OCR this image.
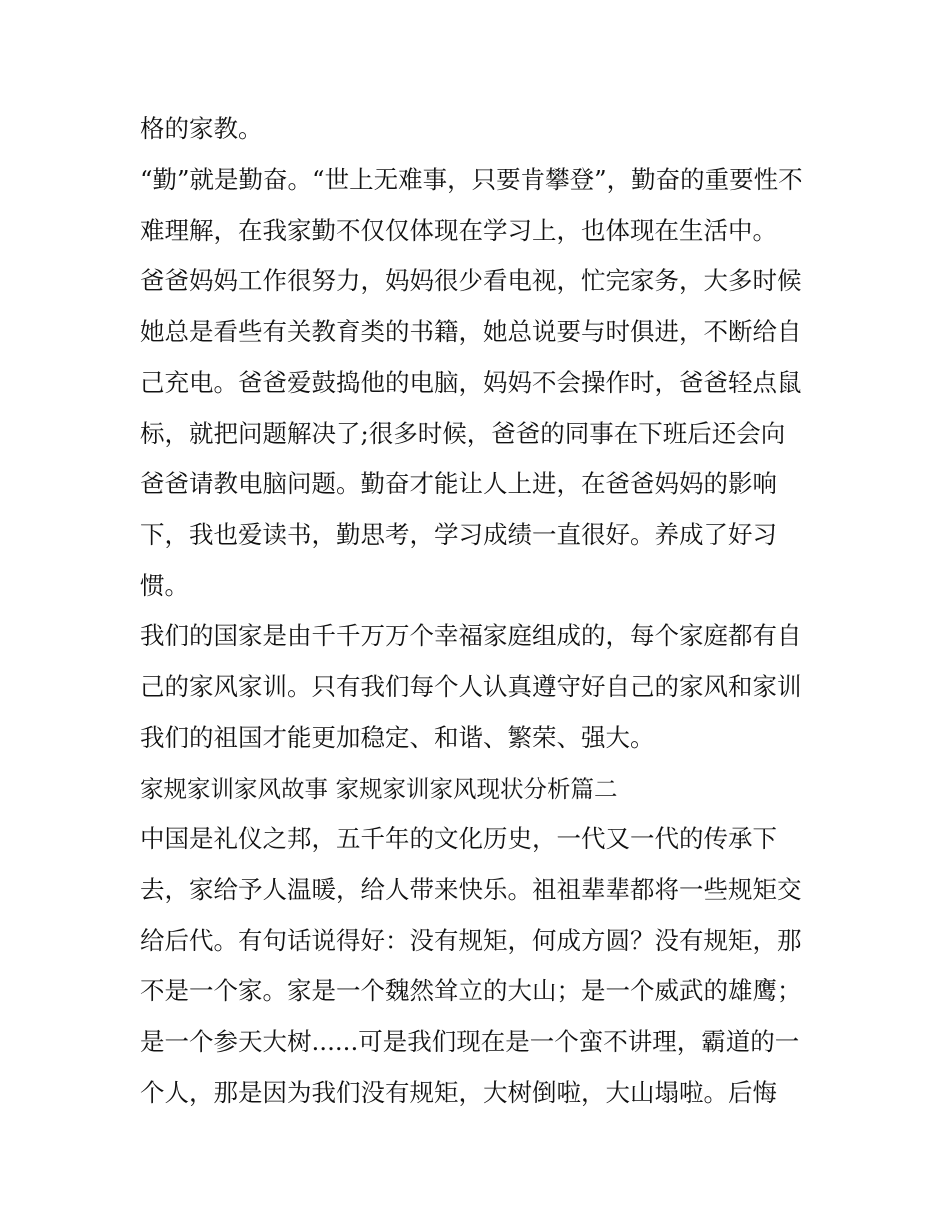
格的家教。

“勤”就是勤奋。“世上无难事，只要肯攀登”，勤奋的重要性不

难理解，在我家勤不仅仅体现在学习上，也体现在生活中。

爸爸妈妈工作很努力，妈妈很少看电视，忙完家务，大多时候

她总是看些有关教育类的书籍，她总说要与时俱进，不断给自

己充电。爸爸爱鼓捣他的电脑，妈妈不会操作时，爸爸轻点鼠

标，就把问题解决了;很多时候，爸爸的同事在下班后还会向

爸爸请教电脑问题。勤奋才能让人上进，在爸爸妈妈的影响

下，我也爱读书，勤思考，学习成绩一直很好。养成了好习

惯。

我们的国家是由千千万万个幸福家庭组成的，每个家庭都有自

己的家风家训。只有我们每个人认真遵守好自己的家风和家训

我们的祖国才能更加稳定、和谐、繁荣、强大。

家规家训家风故事 家规家训家风现状分析篇二

中国是礼仪之邦，五千年的文化历史，一代又一代的传承下

去，家给予人温暖，给人带来快乐。祖祖辈辈都将一些规矩交

给后代。有句话说得好：没有规矩，何成方圆？没有规矩，那

不是一个家。家是一个魏然耸立的大山；是一个威武的雄鹰；

是一个参天大树......可是我们现在是一个蛮不讲理，霸道的一

个人，那是因为我们没有规矩，大树倒啦，大山塌啦。后悔
